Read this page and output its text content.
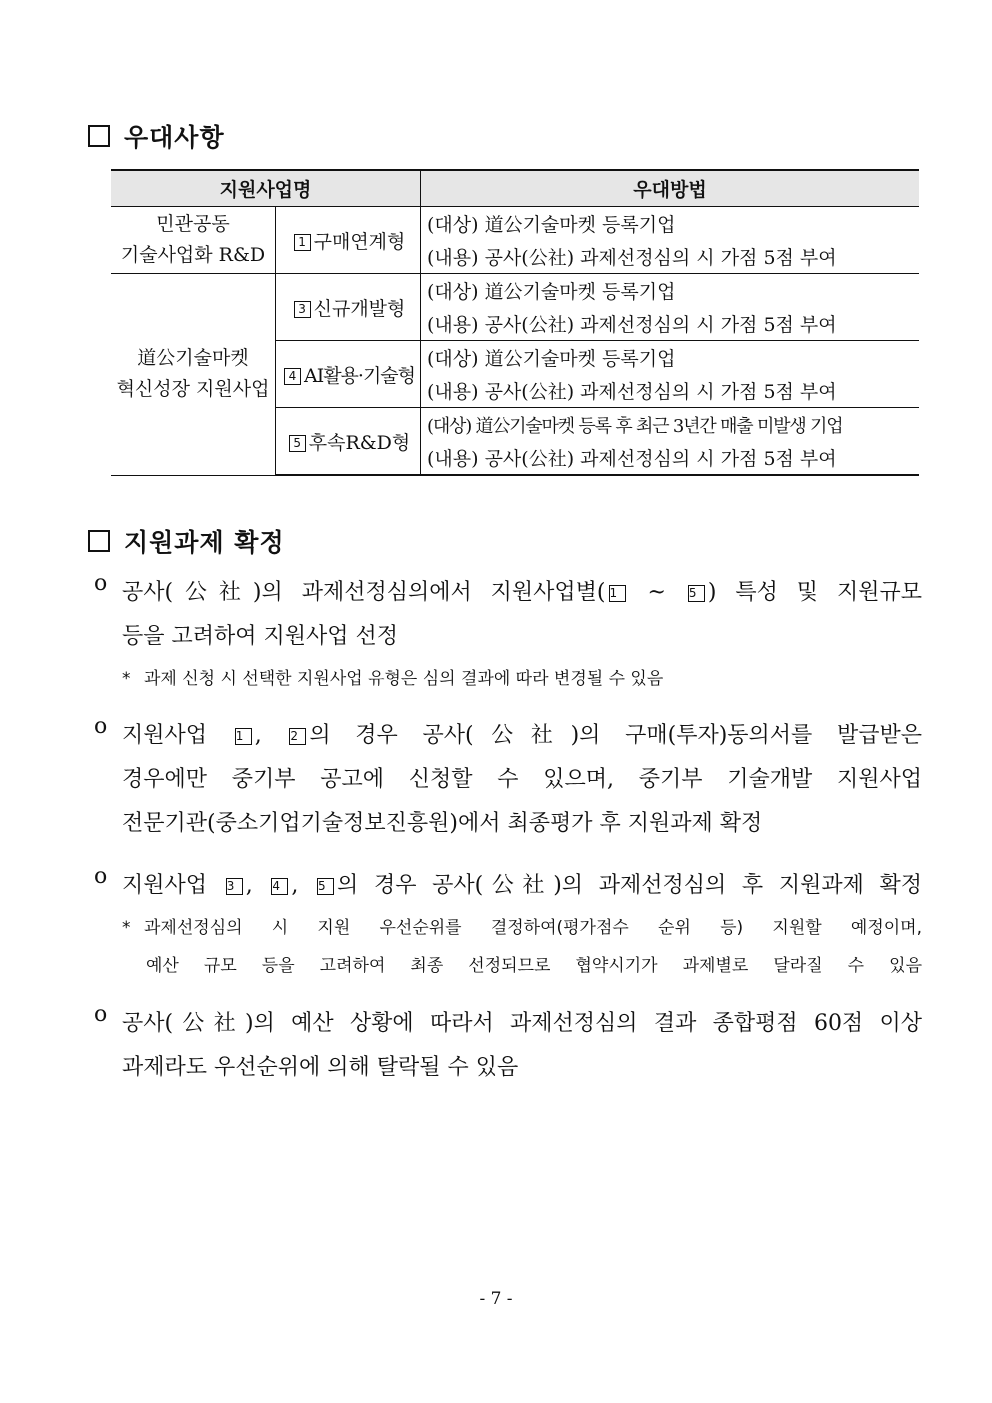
우대사항
지원사업명		우대방법

민관공동
기술사업화 R&D	1 구매연계형	(대상) 道公기술마켓 등록기업
		(내용) 공사(公社) 과제선정심의 시 가점 5점 부여

道公기술마켓
혁신성장 지원사업	3 신규개발형	(대상) 道公기술마켓 등록기업
		(내용) 공사(公社) 과제선정심의 시 가점 5점 부여
	4 AI활용·기술형	(대상) 道公기술마켓 등록기업
		(내용) 공사(公社) 과제선정심의 시 가점 5점 부여
	5 후속R&D형	(대상) 道公기술마켓 등록 후 최근 3년간 매출 미발생 기업
		(내용) 공사(公社) 과제선정심의 시 가점 5점 부여
지원과제 확정
o 공사(公社)의 과제선정심의에서 지원사업별( 1 ~ 5 ) 특성 및 지원규모
등을 고려하여 지원사업 선정
* 과제 신청 시 선택한 지원사업 유형은 심의 결과에 따라 변경될 수 있음
o 지원사업 1 , 2 의 경우 공사(公社)의 구매(투자)동의서를 발급받은
경우에만 중기부 공고에 신청할 수 있으며, 중기부 기술개발 지원사업
전문기관(중소기업기술정보진흥원)에서 최종평가 후 지원과제 확정
o 지원사업 3 , 4 , 5 의 경우 공사(公社)의 과제선정심의 후 지원과제 확정
* 과제선정심의 시 지원 우선순위를 결정하여(평가점수 순위 등) 지원할 예정이며,
예산 규모 등을 고려하여 최종 선정되므로 협약시기가 과제별로 달라질 수 있음
o 공사(公社)의 예산 상황에 따라서 과제선정심의 결과 종합평점 60점 이상
과제라도 우선순위에 의해 탈락될 수 있음
- 7 -
